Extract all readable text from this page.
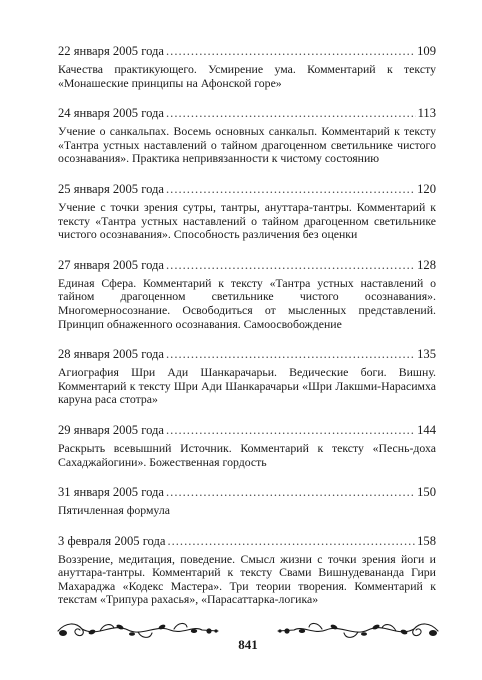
22 января 2005 года .....	109
Качества практикующего. Усмирение ума. Комментарий к тексту «Монашеские принципы на Афонской горе»
24 января 2005 года .....	113
Учение о санкальпах. Восемь основных санкальп. Комментарий к тексту «Тантра устных наставлений о тайном драгоценном светильнике чистого осознавания». Практика непривязанности к чистому состоянию
25 января 2005 года .....	120
Учение с точки зрения сутры, тантры, ануттара-тантры. Комментарий к тексту «Тантра устных наставлений о тайном драгоценном светильнике чистого осознавания». Способность различения без оценки
27 января 2005 года .....	128
Единая Сфера. Комментарий к тексту «Тантра устных наставлений о тайном драгоценном светильнике чистого осознавания». Многомерносознание. Освободиться от мысленных представлений. Принцип обнаженного осознавания. Самоосвобождение
28 января 2005 года .....	135
Агиография Шри Ади Шанкарачарьи. Ведические боги. Вишну. Комментарий к тексту Шри Ади Шанкарачарьи «Шри Лакшми-Нарасимха каруна раса стотра»
29 января 2005 года .....	144
Раскрыть всевышний Источник. Комментарий к тексту «Песнь-доха Сахаджайогини». Божественная гордость
31 января 2005 года .....	150
Пятичленная формула
3 февраля 2005 года .....	158
Воззрение, медитация, поведение. Смысл жизни с точки зрения йоги и ануттара-тантры. Комментарий к тексту Свами Вишнудевананда Гири Махараджа «Кодекс Мастера». Три теории творения. Комментарий к текстам «Трипура рахасья», «Парасаттарка-логика»
841
